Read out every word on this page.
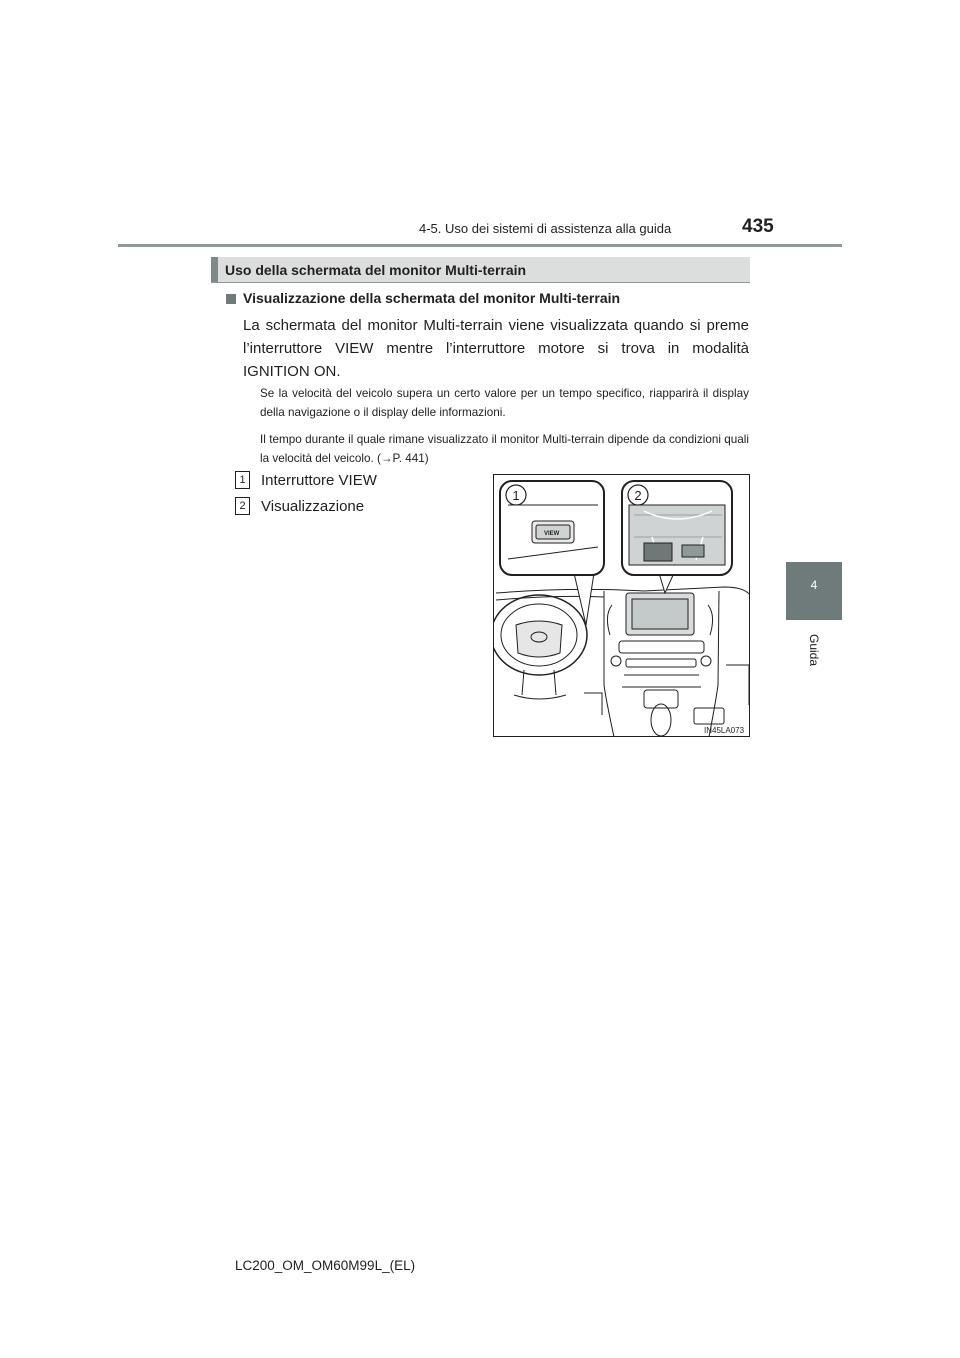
4-5. Uso dei sistemi di assistenza alla guida	435
4
Guida
Uso della schermata del monitor Multi-terrain
Visualizzazione della schermata del monitor Multi-terrain
La schermata del monitor Multi-terrain viene visualizzata quando si preme l’interruttore VIEW mentre l’interruttore motore si trova in modalità IGNITION ON.
Se la velocità del veicolo supera un certo valore per un tempo specifico, riapparirà il display della navigazione o il display delle informazioni.
Il tempo durante il quale rimane visualizzato il monitor Multi-terrain dipende da condizioni quali la velocità del veicolo. (→P. 441)
1 Interruttore VIEW
2 Visualizzazione
VIEW
1	2
IN45LA073
LC200_OM_OM60M99L_(EL)
